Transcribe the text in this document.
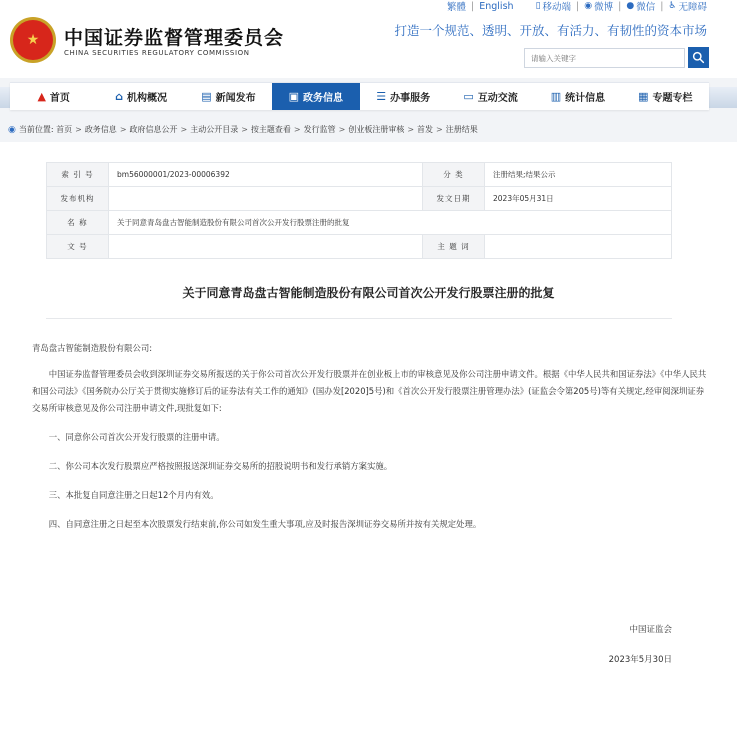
繁體 | English
▯ 移动端 | ◉ 微博 | ● 微信 | ♿ 无障碍
★	中国证券监督管理委员会
CHINA SECURITIES REGULATORY COMMISSION
打造一个规范、透明、开放、有活力、有韧性的资本市场
请输入关键字
▲ 首页	⌂ 机构概况	▤ 新闻发布	▣ 政务信息	☰ 办事服务	▭ 互动交流	▥ 统计信息	▦ 专题专栏
◉ 当前位置:
首页 > 政务信息 > 政府信息公开 > 主动公开目录 > 按主题查看 > 发行监管 > 创业板注册审核 > 首发 > 注册结果
索 引 号	bm56000001/2023-00006392	分 类	注册结果;结果公示
发布机构		发文日期	2023年05月31日
名 称	关于同意青岛盘古智能制造股份有限公司首次公开发行股票注册的批复		
文 号		主 题 词	
关于同意青岛盘古智能制造股份有限公司首次公开发行股票注册的批复

青岛盘古智能制造股份有限公司:

中国证券监督管理委员会收到深圳证券交易所报送的关于你公司首次公开发行股票并在创业板上市的审核意见及你公司注册申请文件。根据《中华人民共和国证券法》《中华人民共和国公司法》《国务院办公厅关于贯彻实施修订后的证券法有关工作的通知》(国办发[2020]5号)和《首次公开发行股票注册管理办法》(证监会令第205号)等有关规定,经审阅深圳证券交易所审核意见及你公司注册申请文件,现批复如下:

一、同意你公司首次公开发行股票的注册申请。

二、你公司本次发行股票应严格按照报送深圳证券交易所的招股说明书和发行承销方案实施。

三、本批复自同意注册之日起12个月内有效。

四、自同意注册之日起至本次股票发行结束前,你公司如发生重大事项,应及时报告深圳证券交易所并按有关规定处理。

中国证监会
2023年5月30日
